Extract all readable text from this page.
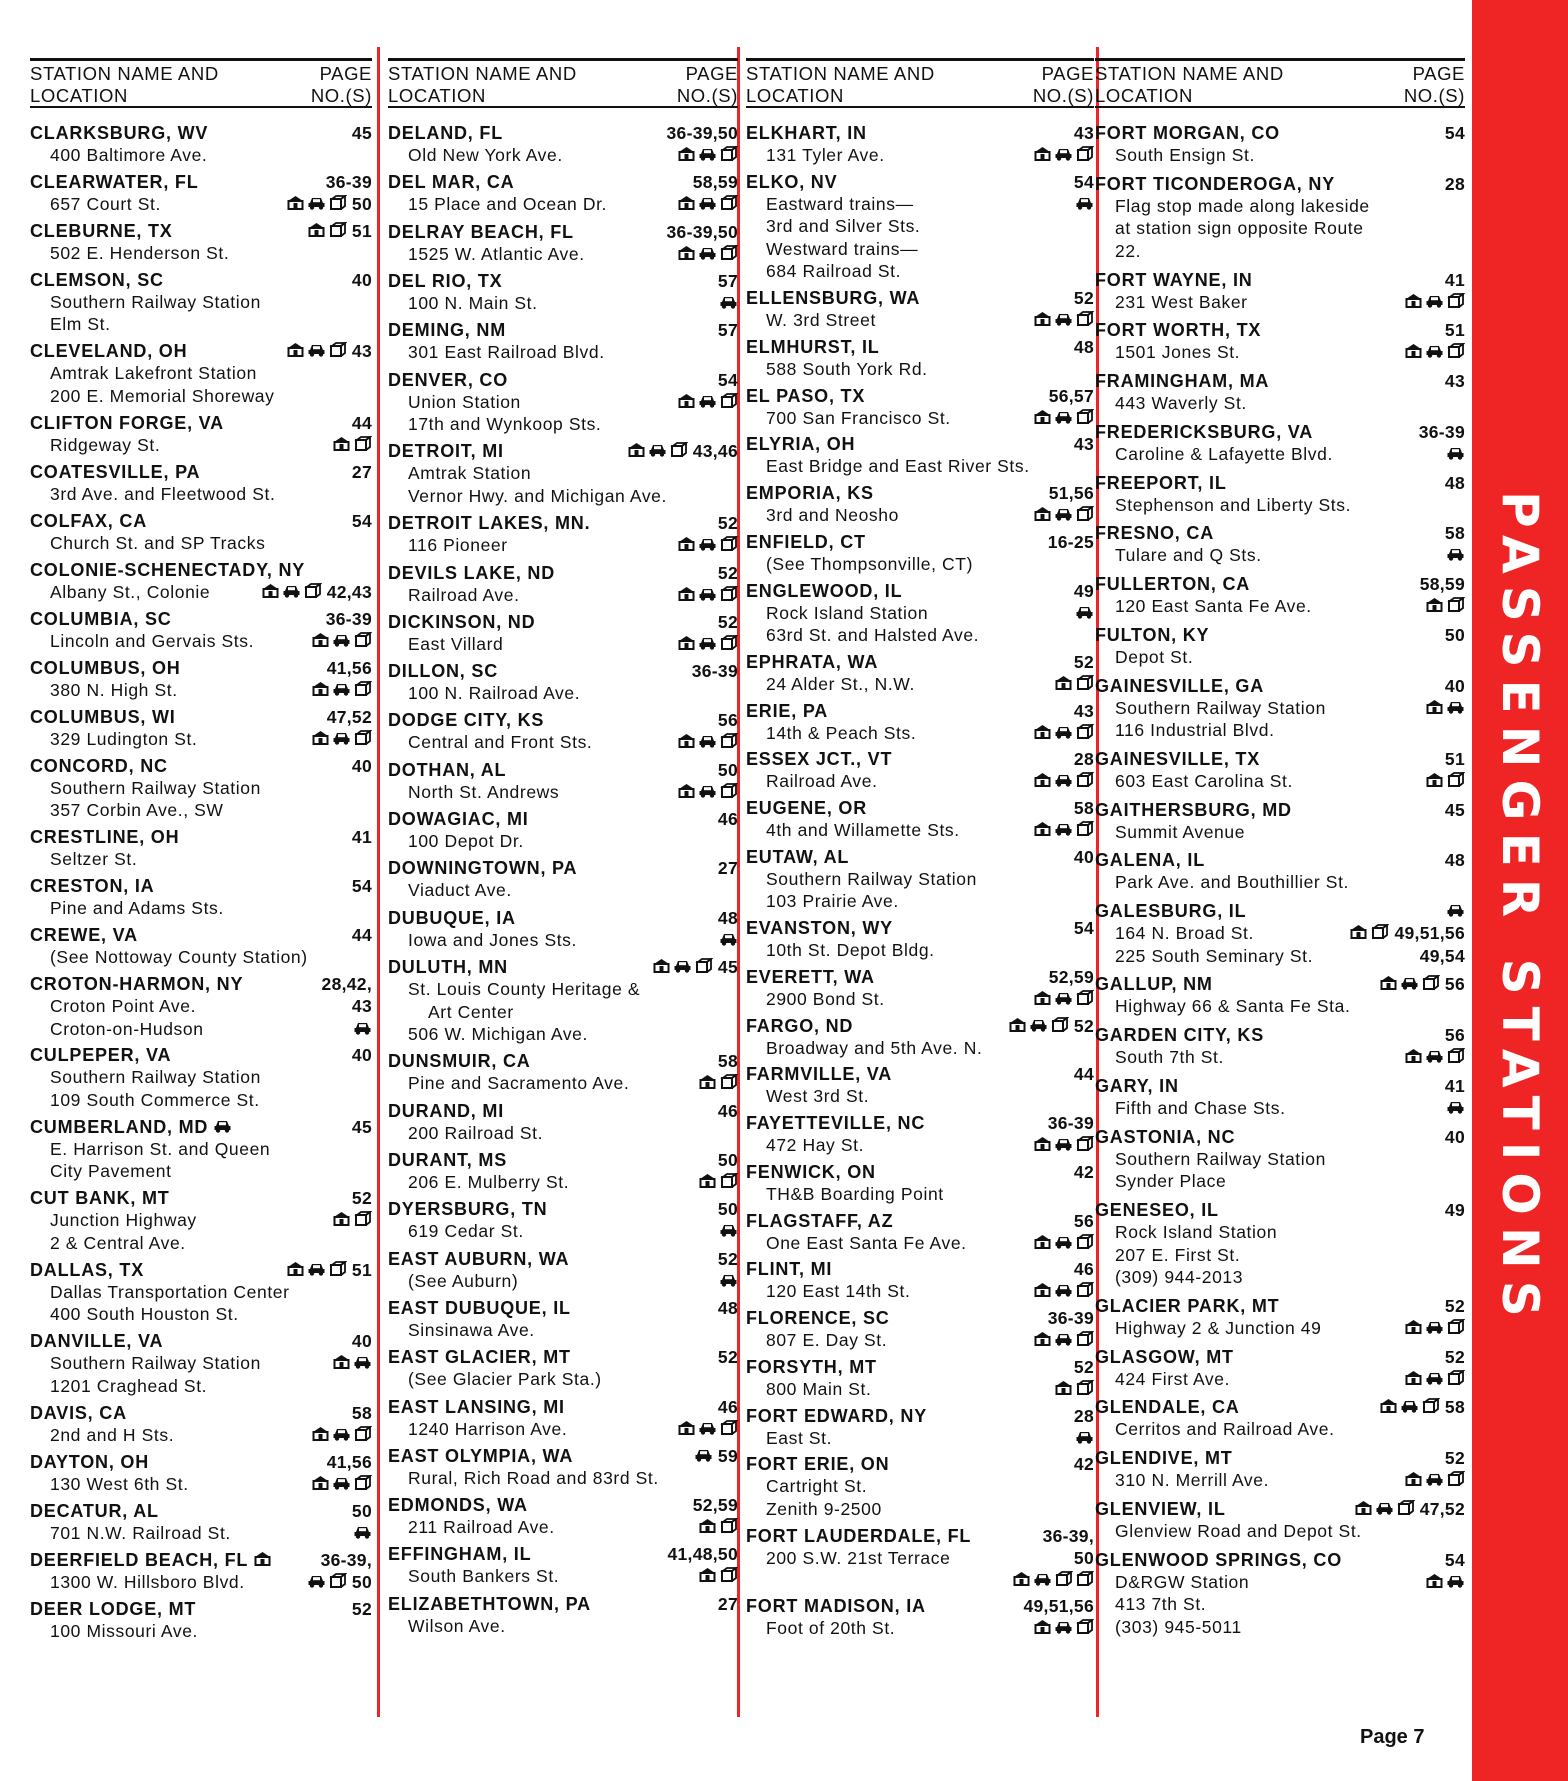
PASSENGER STATIONS
STATION NAME AND
LOCATION
PAGE
NO.(S)
CLARKSBURG, WV	45
400 Baltimore Ave.
CLEARWATER, FL	36-39
657 Court St.	50
CLEBURNE, TX	51
502 E. Henderson St.
CLEMSON, SC	40
Southern Railway Station
Elm St.
CLEVELAND, OH	43
Amtrak Lakefront Station
200 E. Memorial Shoreway
CLIFTON FORGE, VA	44
Ridgeway St.
COATESVILLE, PA	27
3rd Ave. and Fleetwood St.
COLFAX, CA	54
Church St. and SP Tracks
COLONIE-SCHENECTADY, NY
Albany St., Colonie	42,43
COLUMBIA, SC	36-39
Lincoln and Gervais Sts.
COLUMBUS, OH	41,56
380 N. High St.
COLUMBUS, WI	47,52
329 Ludington St.
CONCORD, NC	40
Southern Railway Station
357 Corbin Ave., SW
CRESTLINE, OH	41
Seltzer St.
CRESTON, IA	54
Pine and Adams Sts.
CREWE, VA	44
(See Nottoway County Station)
CROTON-HARMON, NY	28,42,
Croton Point Ave.	43
Croton-on-Hudson
CULPEPER, VA	40
Southern Railway Station
109 South Commerce St.
CUMBERLAND, MD	45
E. Harrison St. and Queen
City Pavement
CUT BANK, MT	52
Junction Highway
2 & Central Ave.
DALLAS, TX	51
Dallas Transportation Center
400 South Houston St.
DANVILLE, VA	40
Southern Railway Station
1201 Craghead St.
DAVIS, CA	58
2nd and H Sts.
DAYTON, OH	41,56
130 West 6th St.
DECATUR, AL	50
701 N.W. Railroad St.
DEERFIELD BEACH, FL	36-39,
1300 W. Hillsboro Blvd.	50
DEER LODGE, MT	52
100 Missouri Ave.
STATION NAME AND
LOCATION
PAGE
NO.(S)
DELAND, FL	36-39,50
Old New York Ave.
DEL MAR, CA	58,59
15 Place and Ocean Dr.
DELRAY BEACH, FL	36-39,50
1525 W. Atlantic Ave.
DEL RIO, TX	57
100 N. Main St.
DEMING, NM	57
301 East Railroad Blvd.
DENVER, CO	54
Union Station
17th and Wynkoop Sts.
DETROIT, MI	43,46
Amtrak Station
Vernor Hwy. and Michigan Ave.
DETROIT LAKES, MN.	52
116 Pioneer
DEVILS LAKE, ND	52
Railroad Ave.
DICKINSON, ND	52
East Villard
DILLON, SC	36-39
100 N. Railroad Ave.
DODGE CITY, KS	56
Central and Front Sts.
DOTHAN, AL	50
North St. Andrews
DOWAGIAC, MI	46
100 Depot Dr.
DOWNINGTOWN, PA	27
Viaduct Ave.
DUBUQUE, IA	48
Iowa and Jones Sts.
DULUTH, MN	45
St. Louis County Heritage &
Art Center
506 W. Michigan Ave.
DUNSMUIR, CA	58
Pine and Sacramento Ave.
DURAND, MI	46
200 Railroad St.
DURANT, MS	50
206 E. Mulberry St.
DYERSBURG, TN	50
619 Cedar St.
EAST AUBURN, WA	52
(See Auburn)
EAST DUBUQUE, IL	48
Sinsinawa Ave.
EAST GLACIER, MT	52
(See Glacier Park Sta.)
EAST LANSING, MI	46
1240 Harrison Ave.
EAST OLYMPIA, WA	59
Rural, Rich Road and 83rd St.
EDMONDS, WA	52,59
211 Railroad Ave.
EFFINGHAM, IL	41,48,50
South Bankers St.
ELIZABETHTOWN, PA	27
Wilson Ave.
STATION NAME AND
LOCATION
PAGE
NO.(S)
ELKHART, IN	43
131 Tyler Ave.
ELKO, NV	54
Eastward trains—
3rd and Silver Sts.
Westward trains—
684 Railroad St.
ELLENSBURG, WA	52
W. 3rd Street
ELMHURST, IL	48
588 South York Rd.
EL PASO, TX	56,57
700 San Francisco St.
ELYRIA, OH	43
East Bridge and East River Sts.
EMPORIA, KS	51,56
3rd and Neosho
ENFIELD, CT	16-25
(See Thompsonville, CT)
ENGLEWOOD, IL	49
Rock Island Station
63rd St. and Halsted Ave.
EPHRATA, WA	52
24 Alder St., N.W.
ERIE, PA	43
14th & Peach Sts.
ESSEX JCT., VT	28
Railroad Ave.
EUGENE, OR	58
4th and Willamette Sts.
EUTAW, AL	40
Southern Railway Station
103 Prairie Ave.
EVANSTON, WY	54
10th St. Depot Bldg.
EVERETT, WA	52,59
2900 Bond St.
FARGO, ND	52
Broadway and 5th Ave. N.
FARMVILLE, VA	44
West 3rd St.
FAYETTEVILLE, NC	36-39
472 Hay St.
FENWICK, ON	42
TH&B Boarding Point
FLAGSTAFF, AZ	56
One East Santa Fe Ave.
FLINT, MI	46
120 East 14th St.
FLORENCE, SC	36-39
807 E. Day St.
FORSYTH, MT	52
800 Main St.
FORT EDWARD, NY	28
East St.
FORT ERIE, ON	42
Cartright St.
Zenith 9-2500
FORT LAUDERDALE, FL	36-39,
200 S.W. 21st Terrace	50
FORT MADISON, IA	49,51,56
Foot of 20th St.
STATION NAME AND
LOCATION
PAGE
NO.(S)
FORT MORGAN, CO	54
South Ensign St.
FORT TICONDEROGA, NY	28
Flag stop made along lakeside
at station sign opposite Route
22.
FORT WAYNE, IN	41
231 West Baker
FORT WORTH, TX	51
1501 Jones St.
FRAMINGHAM, MA	43
443 Waverly St.
FREDERICKSBURG, VA	36-39
Caroline & Lafayette Blvd.
FREEPORT, IL	48
Stephenson and Liberty Sts.
FRESNO, CA	58
Tulare and Q Sts.
FULLERTON, CA	58,59
120 East Santa Fe Ave.
FULTON, KY	50
Depot St.
GAINESVILLE, GA	40
Southern Railway Station
116 Industrial Blvd.
GAINESVILLE, TX	51
603 East Carolina St.
GAITHERSBURG, MD	45
Summit Avenue
GALENA, IL	48
Park Ave. and Bouthillier St.
GALESBURG, IL
164 N. Broad St.	49,51,56
225 South Seminary St.	49,54
GALLUP, NM	56
Highway 66 & Santa Fe Sta.
GARDEN CITY, KS	56
South 7th St.
GARY, IN	41
Fifth and Chase Sts.
GASTONIA, NC	40
Southern Railway Station
Synder Place
GENESEO, IL	49
Rock Island Station
207 E. First St.
(309) 944-2013
GLACIER PARK, MT	52
Highway 2 & Junction 49
GLASGOW, MT	52
424 First Ave.
GLENDALE, CA	58
Cerritos and Railroad Ave.
GLENDIVE, MT	52
310 N. Merrill Ave.
GLENVIEW, IL	47,52
Glenview Road and Depot St.
GLENWOOD SPRINGS, CO	54
D&RGW Station
413 7th St.
(303) 945-5011
Page 7
